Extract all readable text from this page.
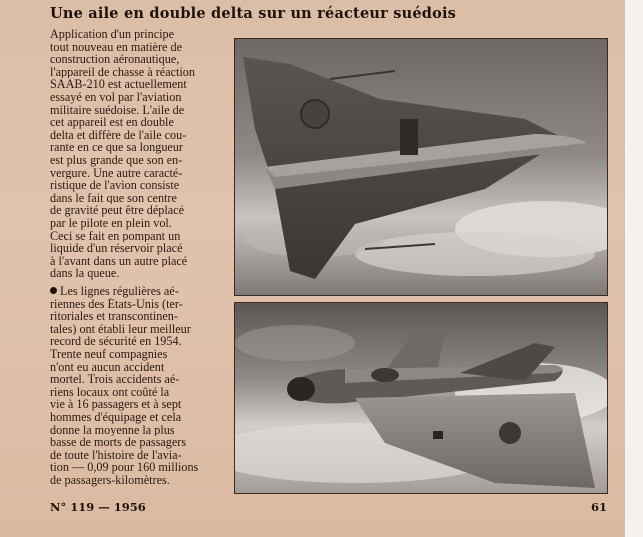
Une aile en double delta sur un réacteur suédois
Application d'un principe
tout nouveau en matière de
construction aéronautique,
l'appareil de chasse à réaction
SAAB-210 est actuellement
essayé en vol par l'aviation
militaire suédoise. L'aile de
cet appareil est en double
delta et diffère de l'aile cou-
rante en ce que sa longueur
est plus grande que son en-
vergure. Une autre caracté-
ristique de l'avion consiste
dans le fait que son centre
de gravité peut être déplacé
par le pilote en plein vol.
Ceci se fait en pompant un
liquide d'un réservoir placé
à l'avant dans un autre placé
dans la queue.
Les lignes régulières aé-

riennes des États-Unis (ter-
ritoriales et transcontinen-
tales) ont établi leur meilleur
record de sécurité en 1954.
Trente neuf compagnies
n'ont eu aucun accident
mortel. Trois accidents aé-
riens locaux ont coûté la
vie à 16 passagers et à sept
hommes d'équipage et cela
donne la moyenne la plus
basse de morts de passagers
de toute l'histoire de l'avia-
tion — 0,09 pour 160 millions
de passagers-kilomètres.
N° 119 — 1956	61
